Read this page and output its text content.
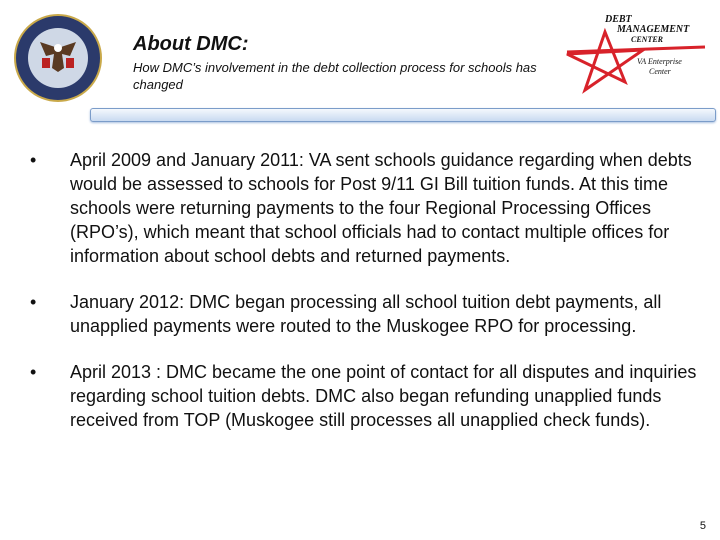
About DMC:
How DMC’s involvement in the debt collection process for schools has changed
DEBT
MANAGEMENT
CENTER
VA Enterprise
Center
• April 2009 and January 2011: VA sent schools guidance regarding when debts would be assessed to schools for Post 9/11 GI Bill tuition funds. At this time schools were returning payments to the four Regional Processing Offices (RPO’s), which meant that school officials had to contact multiple offices for information about school debts and returned payments.
• January 2012: DMC began processing all school tuition debt payments, all unapplied payments were routed to the Muskogee RPO for processing.
• April 2013 : DMC became the one point of contact for all disputes and inquiries regarding school tuition debts. DMC also began refunding unapplied funds received from TOP (Muskogee still processes all unapplied check funds).
5
